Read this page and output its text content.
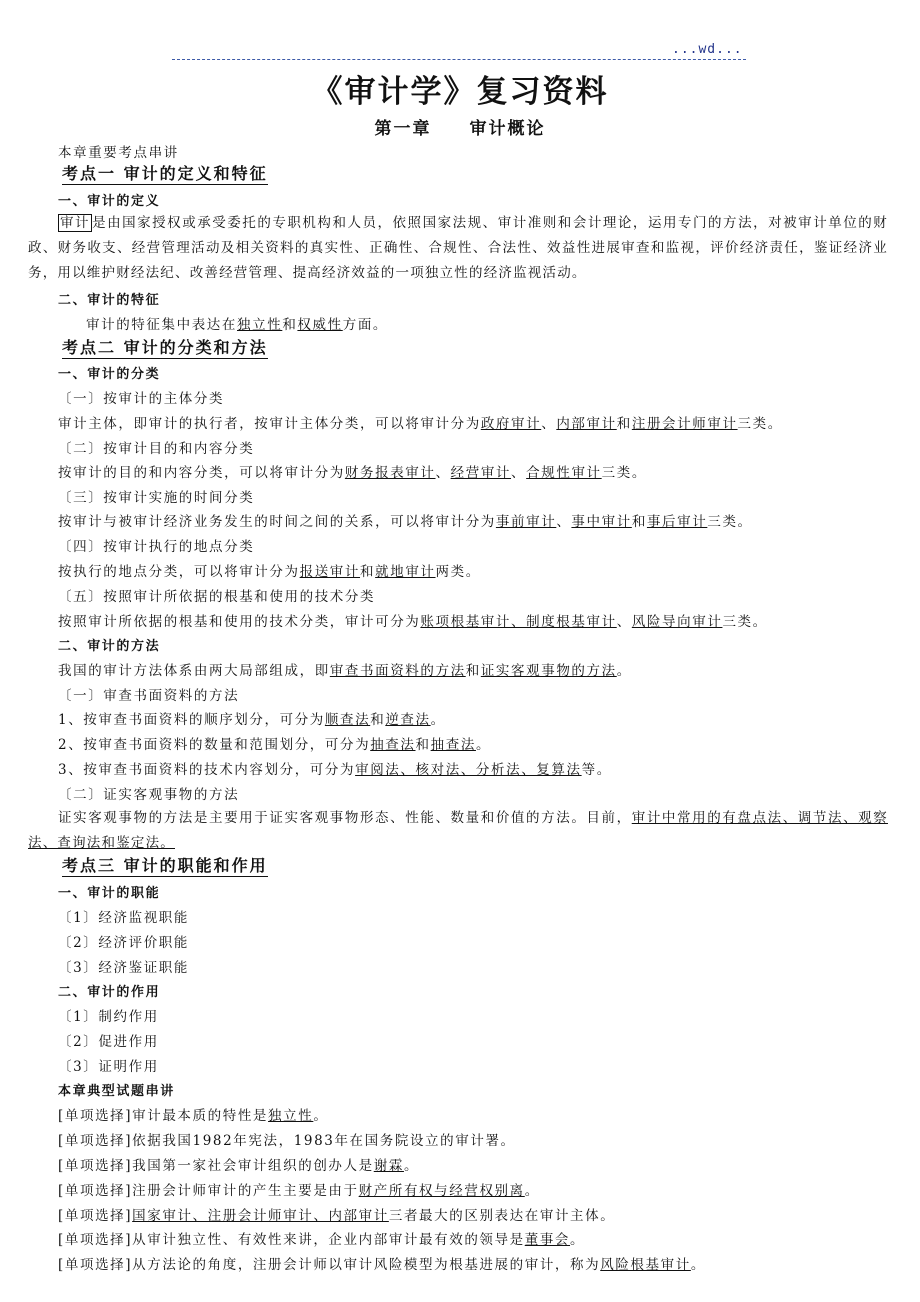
...wd...
《审计学》复习资料
第一章 审计概论
本章重要考点串讲
考点一 审计的定义和特征
一、审计的定义
审计 是由国家授权或承受委托的专职机构和人员，依照国家法规、审计准则和会计理论，运用专门的方法，对被审计单位的财政、财务收支、经营管理活动及相关资料的真实性、正确性、合规性、合法性、效益性进展审查和监视，评价经济责任，鉴证经济业务，用以维护财经法纪、改善经营管理、提高经济效益的一项独立性的经济监视活动。
二、审计的特征
审计的特征集中表达在独立性和权威性方面。
考点二 审计的分类和方法
一、审计的分类
〔一〕按审计的主体分类
审计主体，即审计的执行者，按审计主体分类，可以将审计分为政府审计、内部审计和注册会计师审计三类。
〔二〕按审计目的和内容分类
按审计的目的和内容分类，可以将审计分为财务报表审计、经营审计、合规性审计三类。
〔三〕按审计实施的时间分类
按审计与被审计经济业务发生的时间之间的关系，可以将审计分为事前审计、事中审计和事后审计三类。
〔四〕按审计执行的地点分类
按执行的地点分类，可以将审计分为报送审计和就地审计两类。
〔五〕按照审计所依据的根基和使用的技术分类
按照审计所依据的根基和使用的技术分类，审计可分为账项根基审计、制度根基审计、风险导向审计三类。
二、审计的方法
我国的审计方法体系由两大局部组成，即审查书面资料的方法和证实客观事物的方法。
〔一〕审查书面资料的方法
1、按审查书面资料的顺序划分，可分为顺查法和逆查法。
2、按审查书面资料的数量和范围划分，可分为抽查法和抽查法。
3、按审查书面资料的技术内容划分，可分为审阅法、核对法、分析法、复算法等。
〔二〕证实客观事物的方法
证实客观事物的方法是主要用于证实客观事物形态、性能、数量和价值的方法。目前，审计中常用的有盘点法、调节法、观察法、查询法和鉴定法。
考点三 审计的职能和作用
一、审计的职能
〔1〕经济监视职能
〔2〕经济评价职能
〔3〕经济鉴证职能
二、审计的作用
〔1〕制约作用
〔2〕促进作用
〔3〕证明作用
本章典型试题串讲
[单项选择]审计最本质的特性是独立性。
[单项选择]依据我国1982年宪法，1983年在国务院设立的审计署。
[单项选择]我国第一家社会审计组织的创办人是谢霖。
[单项选择]注册会计师审计的产生主要是由于财产所有权与经营权别离。
[单项选择]国家审计、注册会计师审计、内部审计三者最大的区别表达在审计主体。
[单项选择]从审计独立性、有效性来讲，企业内部审计最有效的领导是董事会。
[单项选择]从方法论的角度，注册会计师以审计风险模型为根基进展的审计，称为风险根基审计。
